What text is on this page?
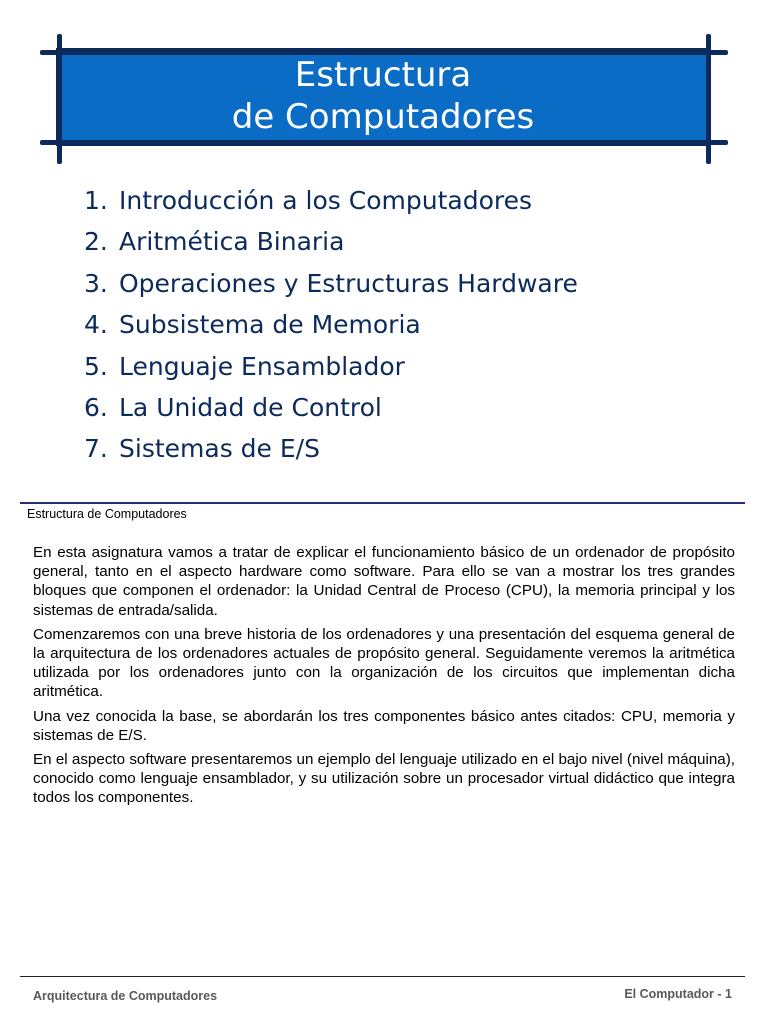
Estructura
de Computadores
1. Introducción a los Computadores
2. Aritmética Binaria
3. Operaciones y Estructuras Hardware
4. Subsistema de Memoria
5. Lenguaje Ensamblador
6. La Unidad de Control
7. Sistemas de E/S
Estructura de Computadores

En esta asignatura vamos a tratar de explicar el funcionamiento básico de un ordenador de propósito general, tanto en el aspecto hardware como software. Para ello se van a mostrar los tres grandes bloques que componen el ordenador: la Unidad Central de Proceso (CPU), la memoria principal y los sistemas de entrada/salida.

Comenzaremos con una breve historia de los ordenadores y una presentación del esquema general de la arquitectura de los ordenadores actuales de propósito general. Seguidamente veremos la aritmética utilizada por los ordenadores junto con la organización de los circuitos que implementan dicha aritmética.

Una vez conocida la base, se abordarán los tres componentes básico antes citados: CPU, memoria y sistemas de E/S.

En el aspecto software presentaremos un ejemplo del lenguaje utilizado en el bajo nivel (nivel máquina), conocido como lenguaje ensamblador, y su utilización sobre un procesador virtual didáctico que integra todos los componentes.

Arquitectura de Computadores	El Computador - 1
